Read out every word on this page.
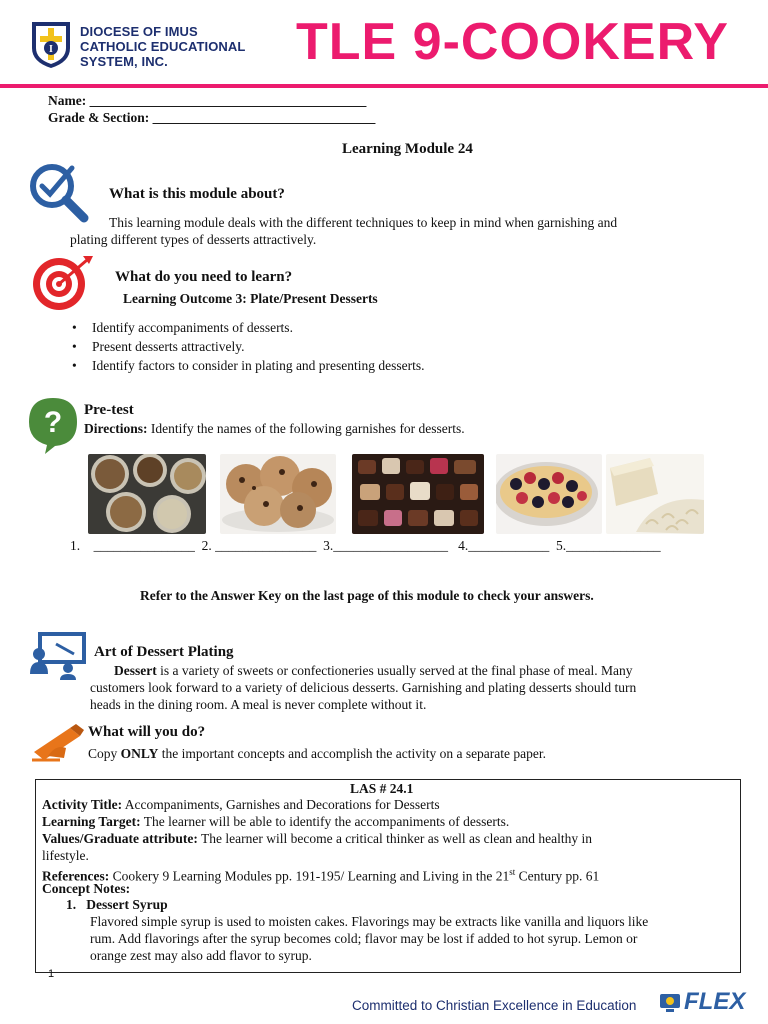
I
DIOCESE OF IMUS
CATHOLIC EDUCATIONAL
SYSTEM, INC.	TLE 9-COOKERY
Name: _________________________________________
Grade & Section: _________________________________
Learning Module 24
What is this module about?
This learning module deals with the different techniques to keep in mind when garnishing and
plating different types of desserts attractively.
What do you need to learn?
Learning Outcome 3: Plate/Present Desserts
• Identify accompaniments of desserts.
• Present desserts attractively.
• Identify factors to consider in plating and presenting desserts.
? Pre-test
Directions: Identify the names of the following garnishes for desserts.
1.    _______________  2. _______________  3._________________   4.____________  5.______________
Refer to the Answer Key on the last page of this module to check your answers.
Art of Dessert Plating
Dessert is a variety of sweets or confectioneries usually served at the final phase of meal. Many
customers look forward to a variety of delicious desserts. Garnishing and plating desserts should turn
heads in the dining room. A meal is never complete without it.
What will you do?
Copy ONLY the important concepts and accomplish the activity on a separate paper.
LAS # 24.1
Activity Title: Accompaniments, Garnishes and Decorations for Desserts
Learning Target: The learner will be able to identify the accompaniments of desserts.
Values/Graduate attribute: The learner will become a critical thinker as well as clean and healthy in
lifestyle.
References: Cookery 9 Learning Modules pp. 191-195/ Learning and Living in the 21st Century pp. 61
Concept Notes:
1. Dessert Syrup
Flavored simple syrup is used to moisten cakes. Flavorings may be extracts like vanilla and liquors like
rum. Add flavorings after the syrup becomes cold; flavor may be lost if added to hot syrup. Lemon or
orange zest may also add flavor to syrup.
1
Committed to Christian Excellence in Education FLEX
